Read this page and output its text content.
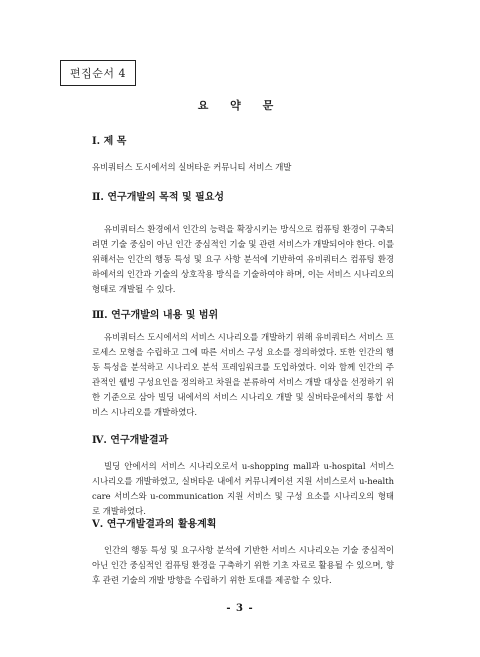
편집순서 4
요 약 문
Ⅰ. 제 목
유비쿼터스 도시에서의 실버타운 커뮤니티 서비스 개발
Ⅱ. 연구개발의 목적 및 필요성
유비쿼터스 환경에서 인간의 능력을 확장시키는 방식으로 컴퓨팅 환경이 구축되려면 기술 중심이 아닌 인간 중심적인 기술 및 관련 서비스가 개발되어야 한다. 이를 위해서는 인간의 행동 특성 및 요구 사항 분석에 기반하여 유비쿼터스 컴퓨팅 환경 하에서의 인간과 기술의 상호작용 방식을 기술하여야 하며, 이는 서비스 시나리오의 형태로 개발될 수 있다.
Ⅲ. 연구개발의 내용 및 범위
유비쿼터스 도시에서의 서비스 시나리오를 개발하기 위해 유비쿼터스 서비스 프로세스 모형을 수립하고 그에 따른 서비스 구성 요소를 정의하였다. 또한 인간의 행동 특성을 분석하고 시나리오 분석 프레임워크를 도입하였다. 이와 함께 인간의 주관적인 웰빙 구성요인을 정의하고 차원을 분류하여 서비스 개발 대상을 선정하기 위한 기준으로 삼아 빌딩 내에서의 서비스 시나리오 개발 및 실버타운에서의 통합 서비스 시나리오를 개발하였다.
Ⅳ. 연구개발결과
빌딩 안에서의 서비스 시나리오로서 u-shopping mall과 u-hospital 서비스 시나리오를 개발하였고, 실버타운 내에서 커뮤니케이션 지원 서비스로서 u-health care 서비스와 u-communication 지원 서비스 및 구성 요소를 시나리오의 형태로 개발하였다.
Ⅴ. 연구개발결과의 활용계획
인간의 행동 특성 및 요구사항 분석에 기반한 서비스 시나리오는 기술 중심적이 아닌 인간 중심적인 컴퓨팅 환경을 구축하기 위한 기초 자료로 활용될 수 있으며, 향후 관련 기술의 개발 방향을 수립하기 위한 토대를 제공할 수 있다.
- 3 -
